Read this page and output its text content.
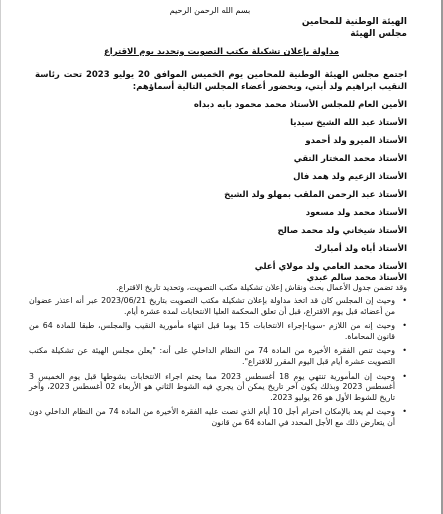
بسم الله الرحمن الرحيم
الهيئة الوطنية للمحامين
مجلس الهيئة
مداولة بإعلان تشكيلة مكتب التصويت وتحديد يوم الاقتراع
اجتمع مجلس الهيئة الوطنية للمحامين يوم الخميس الموافق 20 يوليو 2023 تحت رئاسة النقيب ابراهيم ولد أبتي، وبحضور أعضاء المجلس التالية أسماؤهم:
الأمين العام للمجلس الأستاذ محمد محمود بابه دبداه
الأستاذ عبد الله الشيخ سيديا
الأستاذ الميرو ولد أحمدو
الأستاذ محمد المختار التقي
الأستاذ الزعيم ولد همد فال
الأستاذ عبد الرحمن الملقب بمهلو ولد الشيخ
الأستاذ محمد ولد مسعود
الأستاذ شيخاني ولد محمد صالح
الأستاذ أباه ولد أمبارك
الأستاذ محمد العامي ولد مولاي أعلي
الأستاذ محمد سالم عبدي
وقد تضمن جدول الأعمال بحث ونقاش إعلان تشكيلة مكتب التصويت، وتحديد تاريخ الاقتراع.
• وحيث إن المجلس كان قد اتخذ مداولة بإعلان تشكيلة مكتب التصويت بتاريخ 2023/06/21 عبر أنه اعتذر عضوان من أعضائه قبل يوم الاقتراع، قبل أن تعلق المحكمة العليا الانتخابات لمدة عشرة أيام.
• وحيث إنه من اللازم -سويا-إجراء الانتخابات 15 يوما قبل انتهاء مأمورية النقيب والمجلس، طبقا للمادة 64 من قانون المحاماة.
• وحيث تنص الفقرة الأخيرة من المادة 74 من النظام الداخلي على أنه: "يعلن مجلس الهيئة عن تشكيلة مكتب التصويت عشرة أيام قبل اليوم المقرر للاقتراع".
• وحيث إن المأمورية تنتهي يوم 18 أغسطس 2023 مما يحتم اجراء الانتخابات بشوطها قبل يوم الخميس 3 أغسطس 2023 وبذلك يكون آخر تاريخ يمكن أن يجري فيه الشوط الثاني هو الأربعاء 02 أغسطس 2023، وآخر تاريخ للشوط الأول هو 26 يوليو 2023.
• وحيث لم يعد بالإمكان احترام أجل 10 أيام الذي نصت عليه الفقرة الأخيرة من المادة 74 من النظام الداخلي دون أن يتعارض ذلك مع الأجل المحدد في المادة 64 من قانون
